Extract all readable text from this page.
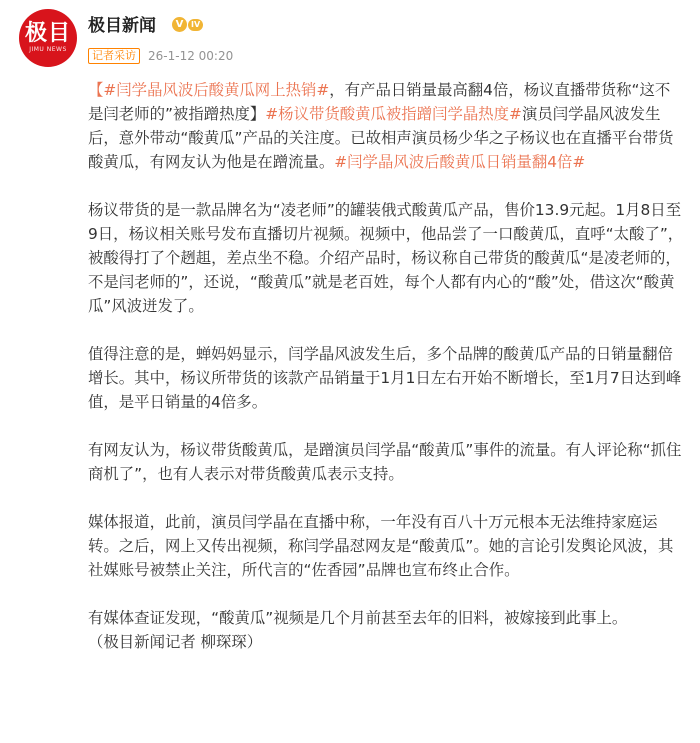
极目
JIMU NEWS
极目新闻	V IV
记者采访	26-1-12 00:20

【#闫学晶风波后酸黄瓜网上热销#，有产品日销量最高翻4倍，杨议直播带货称“这不是闫老师的”被指蹭热度】#杨议带货酸黄瓜被指蹭闫学晶热度#演员闫学晶风波发生后，意外带动“酸黄瓜”产品的关注度。已故相声演员杨少华之子杨议也在直播平台带货酸黄瓜，有网友认为他是在蹭流量。#闫学晶风波后酸黄瓜日销量翻4倍#

杨议带货的是一款品牌名为“凌老师”的罐装俄式酸黄瓜产品，售价13.9元起。1月8日至9日，杨议相关账号发布直播切片视频。视频中，他品尝了一口酸黄瓜，直呼“太酸了”，被酸得打了个趔趄，差点坐不稳。介绍产品时，杨议称自己带货的酸黄瓜“是凌老师的，不是闫老师的”，还说，“酸黄瓜”就是老百姓，每个人都有内心的“酸”处，借这次“酸黄瓜”风波迸发了。

值得注意的是，蝉妈妈显示，闫学晶风波发生后，多个品牌的酸黄瓜产品的日销量翻倍增长。其中，杨议所带货的该款产品销量于1月1日左右开始不断增长，至1月7日达到峰值，是平日销量的4倍多。

有网友认为，杨议带货酸黄瓜，是蹭演员闫学晶“酸黄瓜”事件的流量。有人评论称“抓住商机了”，也有人表示对带货酸黄瓜表示支持。

媒体报道，此前，演员闫学晶在直播中称，一年没有百八十万元根本无法维持家庭运转。之后，网上又传出视频，称闫学晶怼网友是“酸黄瓜”。她的言论引发舆论风波，其社媒账号被禁止关注，所代言的“佐香园”品牌也宣布终止合作。

有媒体查证发现，“酸黄瓜”视频是几个月前甚至去年的旧料，被嫁接到此事上。

（极目新闻记者 柳琛琛）
